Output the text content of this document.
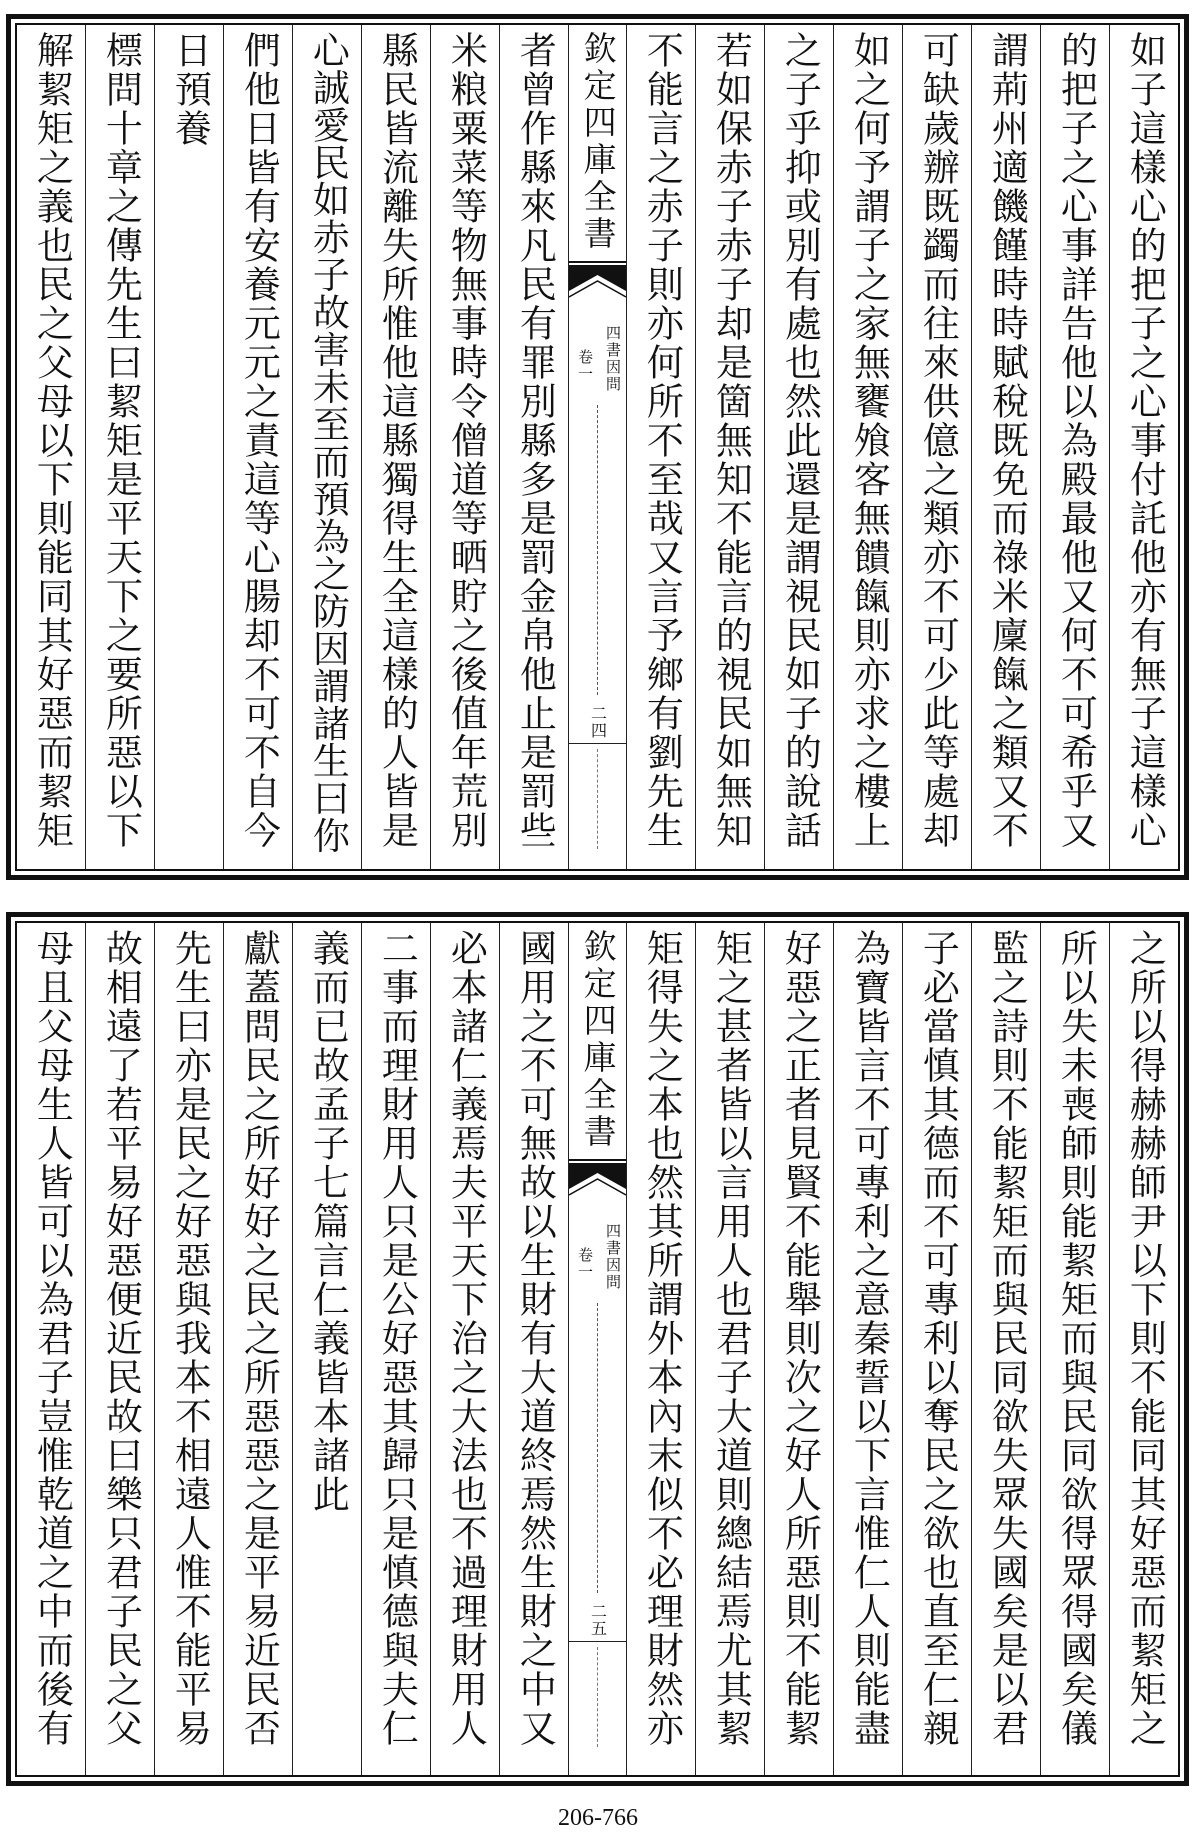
如子這樣心的把子之心事付託他亦有無子這樣心
的把子之心事詳告他以為殿最他又何不可希乎又
謂荊州適饑饉時時賦稅既免而祿米廩餼之類又不
可缺歲辦既蠲而往來供億之類亦不可少此等處却
如之何予謂子之家無饔飧客無饋餼則亦求之樓上
之子乎抑或別有處也然此還是謂視民如子的說話
若如保赤子赤子却是箇無知不能言的視民如無知
不能言之赤子則亦何所不至哉又言予鄉有劉先生
欽定四庫全書
四書因問
卷一
二四
者曾作縣來凡民有罪別縣多是罰金帛他止是罰些
米粮粟菜等物無事時令僧道等晒貯之後值年荒別
縣民皆流離失所惟他這縣獨得生全這樣的人皆是
心誠愛民如赤子故害未至而預為之防因謂諸生曰你
們他日皆有安養元元之責這等心腸却不可不自今
日預養
標問十章之傳先生曰絜矩是平天下之要所惡以下
解絜矩之義也民之父母以下則能同其好惡而絜矩
之所以得赫赫師尹以下則不能同其好惡而絜矩之
所以失未喪師則能絜矩而與民同欲得眾得國矣儀
監之詩則不能絜矩而與民同欲失眾失國矣是以君
子必當慎其德而不可專利以奪民之欲也直至仁親
為寶皆言不可專利之意秦誓以下言惟仁人則能盡
好惡之正者見賢不能舉則次之好人所惡則不能絜
矩之甚者皆以言用人也君子大道則總結焉尤其絜
矩得失之本也然其所謂外本內末似不必理財然亦
欽定四庫全書
四書因問
卷一
二五
國用之不可無故以生財有大道終焉然生財之中又
必本諸仁義焉夫平天下治之大法也不過理財用人
二事而理財用人只是公好惡其歸只是慎德與夫仁
義而已故孟子七篇言仁義皆本諸此
獻蓋問民之所好好之民之所惡惡之是平易近民否
先生曰亦是民之好惡與我本不相遠人惟不能平易
故相遠了若平易好惡便近民故曰樂只君子民之父
母且父母生人皆可以為君子豈惟乾道之中而後有
206-766
